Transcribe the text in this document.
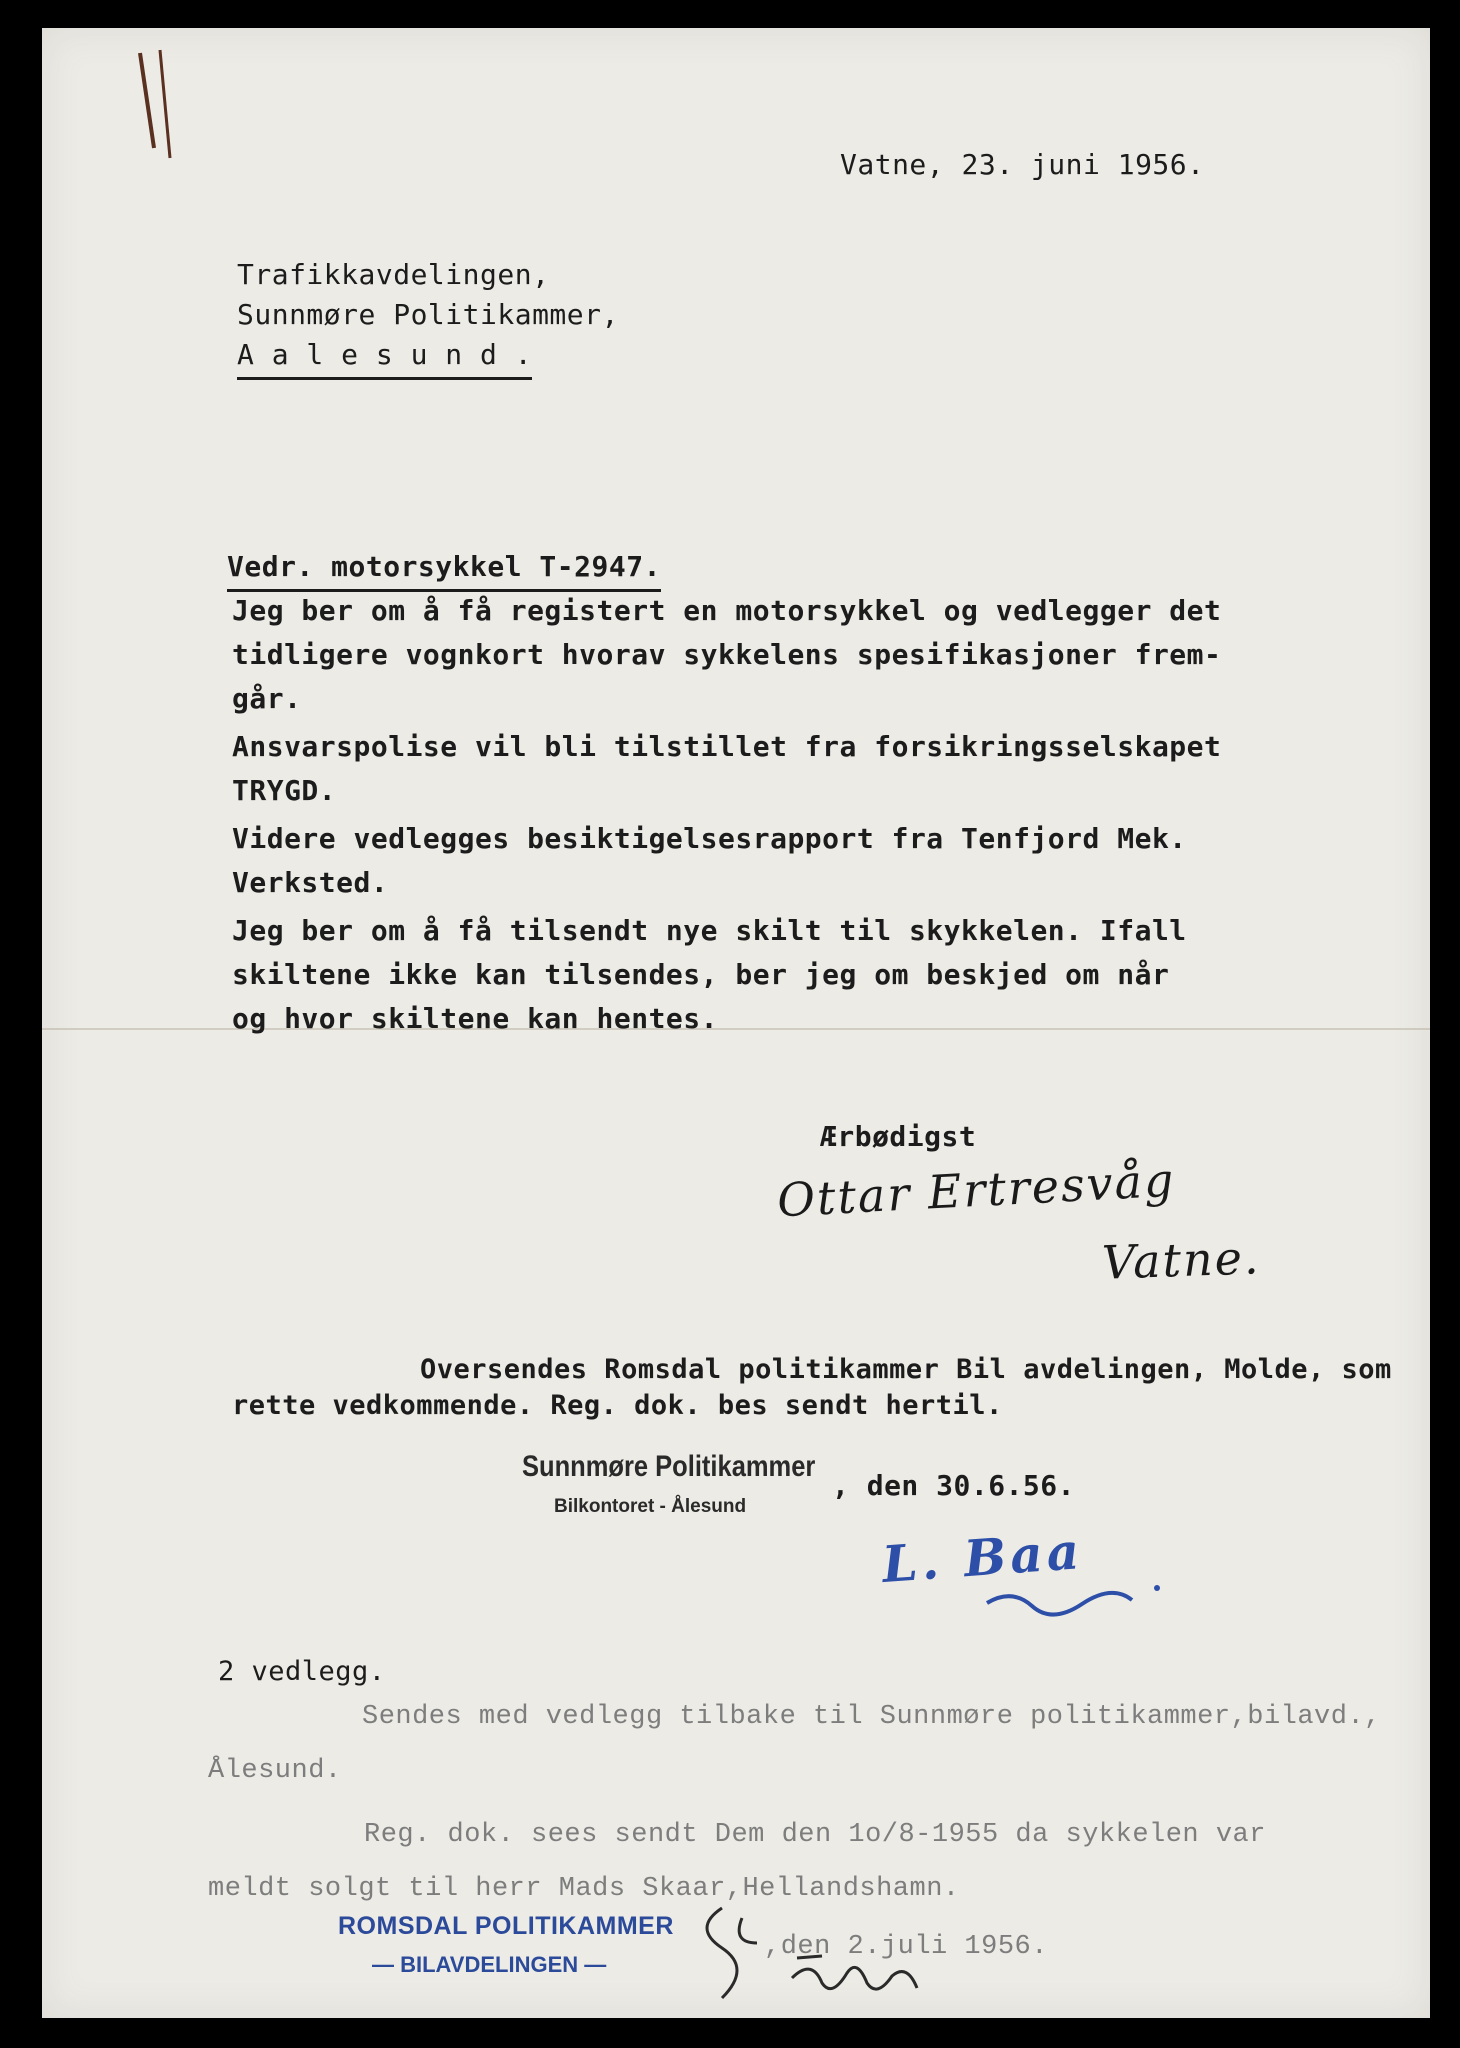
Vatne, 23. juni 1956.
Trafikkavdelingen,
Sunnmøre Politikammer,
A a l e s u n d .
Vedr. motorsykkel T-2947.
Jeg ber om å få registert en motorsykkel og vedlegger det
tidligere vognkort hvorav sykkelens spesifikasjoner frem-
går.
Ansvarspolise vil bli tilstillet fra forsikringsselskapet
TRYGD.
Videre vedlegges besiktigelsesrapport fra Tenfjord Mek.
Verksted.
Jeg ber om å få tilsendt nye skilt til skykkelen. Ifall
skiltene ikke kan tilsendes, ber jeg om beskjed om når
og hvor skiltene kan hentes.
Ærbødigst
Ottar Ertresvåg
Vatne.
Oversendes Romsdal politikammer Bil avdelingen, Molde, som
rette vedkommende. Reg. dok. bes sendt hertil.
Sunnmøre Politikammer
Bilkontoret - Ålesund
, den 30.6.56.
L. Baa
2 vedlegg.
Sendes med vedlegg tilbake til Sunnmøre politikammer,bilavd.,
Ålesund.
Reg. dok. sees sendt Dem den 1o/8-1955 da sykkelen var
meldt solgt til herr Mads Skaar,Hellandshamn.
ROMSDAL POLITIKAMMER
— BILAVDELINGEN —
,den 2.juli 1956.
